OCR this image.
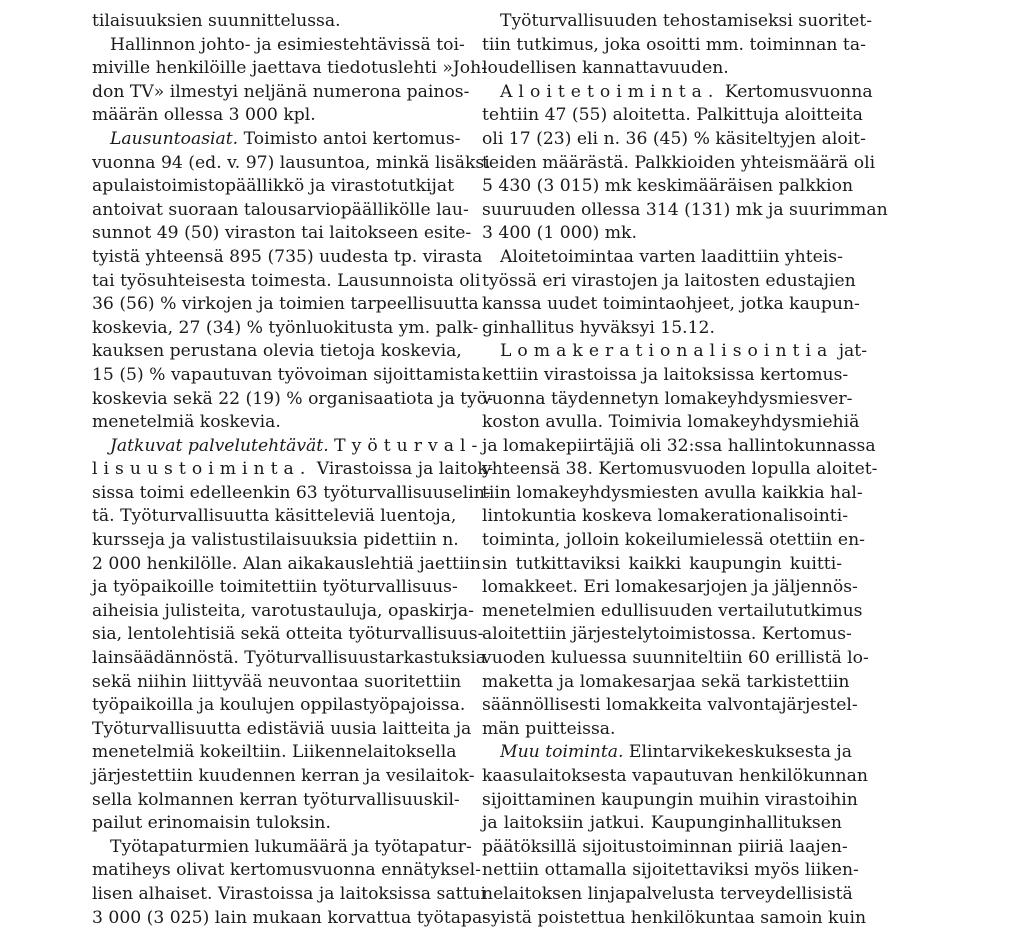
tilaisuuksien suunnittelussa.
Hallinnon johto- ja esimiestehtävissä toi-
miville henkilöille jaettava tiedotuslehti »Joh-
don TV» ilmestyi neljänä numerona painos-
määrän ollessa 3 000 kpl.
Lausuntoasiat. Toimisto antoi kertomus-
vuonna 94 (ed. v. 97) lausuntoa, minkä lisäksi
apulaistoimistopäällikkö ja virastotutkijat
antoivat suoraan talousarviopäällikölle lau-
sunnot 49 (50) viraston tai laitokseen esite-
tyistä yhteensä 895 (735) uudesta tp. virasta
tai työsuhteisesta toimesta. Lausunnoista oli
36 (56) % virkojen ja toimien tarpeellisuutta
koskevia, 27 (34) % työnluokitusta ym. palk-
kauksen perustana olevia tietoja koskevia,
15 (5) % vapautuvan työvoiman sijoittamista
koskevia sekä 22 (19) % organisaatiota ja työ-
menetelmiä koskevia.
Jatkuvat palvelutehtävät. Työturval-
lisuustoiminta. Virastoissa ja laitok-
sissa toimi edelleenkin 63 työturvallisuuselin-
tä. Työturvallisuutta käsitteleviä luentoja,
kursseja ja valistustilaisuuksia pidettiin n.
2 000 henkilölle. Alan aikakauslehtiä jaettiin
ja työpaikoille toimitettiin työturvallisuus-
aiheisia julisteita, varotustauluja, opaskirja-
sia, lentolehtisiä sekä otteita työturvallisuus-
lainsäädännöstä. Työturvallisuustarkastuksia
sekä niihin liittyvää neuvontaa suoritettiin
työpaikoilla ja koulujen oppilastyöpajoissa.
Työturvallisuutta edistäviä uusia laitteita ja
menetelmiä kokeiltiin. Liikennelaitoksella
järjestettiin kuudennen kerran ja vesilaitok-
sella kolmannen kerran työturvallisuuskil-
pailut erinomaisin tuloksin.
Työtapaturmien lukumäärä ja työtapatur-
matiheys olivat kertomusvuonna ennätyksel-
lisen alhaiset. Virastoissa ja laitoksissa sattui
3 000 (3 025) lain mukaan korvattua työtapa-
Työturvallisuuden tehostamiseksi suoritet-
tiin tutkimus, joka osoitti mm. toiminnan ta-
loudellisen kannattavuuden.
Aloitetoiminta. Kertomusvuonna
tehtiin 47 (55) aloitetta. Palkittuja aloitteita
oli 17 (23) eli n. 36 (45) % käsiteltyjen aloit-
teiden määrästä. Palkkioiden yhteismäärä oli
5 430 (3 015) mk keskimääräisen palkkion
suuruuden ollessa 314 (131) mk ja suurimman
3 400 (1 000) mk.
Aloitetoimintaa varten laadittiin yhteis-
työssä eri virastojen ja laitosten edustajien
kanssa uudet toimintaohjeet, jotka kaupun-
ginhallitus hyväksyi 15.12.
Lomakerationalisointia jat-
kettiin virastoissa ja laitoksissa kertomus-
vuonna täydennetyn lomakeyhdysmiesver-
koston avulla. Toimivia lomakeyhdysmiehiä
ja lomakepiirtäjiä oli 32:ssa hallintokunnassa
yhteensä 38. Kertomusvuoden lopulla aloitet-
tiin lomakeyhdysmiesten avulla kaikkia hal-
lintokuntia koskeva lomakerationalisointi-
toiminta, jolloin kokeilumielessä otettiin en-
sin tutkittaviksi kaikki kaupungin kuitti-
lomakkeet. Eri lomakesarjojen ja jäljennös-
menetelmien edullisuuden vertailututkimus
aloitettiin järjestelytoimistossa. Kertomus-
vuoden kuluessa suunniteltiin 60 erillistä lo-
maketta ja lomakesarjaa sekä tarkistettiin
säännöllisesti lomakkeita valvontajärjestel-
män puitteissa.
Muu toiminta. Elintarvikekeskuksesta ja
kaasulaitoksesta vapautuvan henkilökunnan
sijoittaminen kaupungin muihin virastoihin
ja laitoksiin jatkui. Kaupunginhallituksen
päätöksillä sijoitustoiminnan piiriä laajen-
nettiin ottamalla sijoitettaviksi myös liiken-
nelaitoksen linjapalvelusta terveydellisistä
syistä poistettua henkilökuntaa samoin kuin
